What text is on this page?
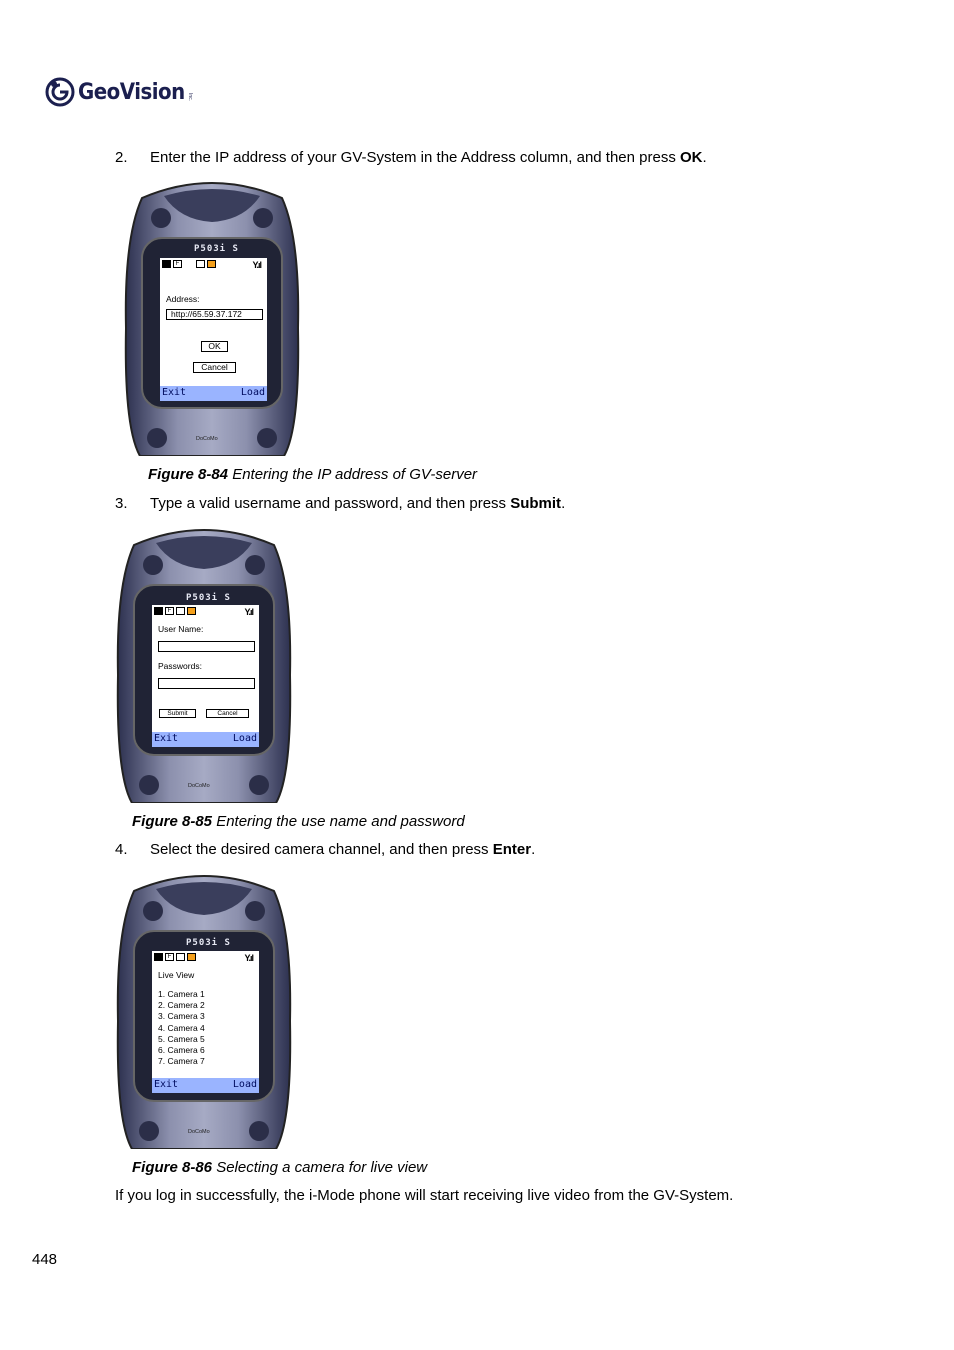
GeoVision Inc.
2. Enter the IP address of your GV-System in the Address column, and then press OK.
P503i S
F	Y.ıl
Address:
http://65.59.37.172
OK
Cancel
Exit	Load
DoCoMo
Figure 8-84 Entering the IP address of GV-server
3. Type a valid username and password, and then press Submit.
P503i S
F	Y.ıl
User Name:
Passwords:
Submit	Cancel
Exit	Load
DoCoMo
Figure 8-85 Entering the use name and password
4. Select the desired camera channel, and then press Enter.
P503i S
F	Y.ıl
Live View
1. Camera 1
2. Camera 2
3. Camera 3
4. Camera 4
5. Camera 5
6. Camera 6
7. Camera 7
Exit	Load
DoCoMo
Figure 8-86 Selecting a camera for live view
If you log in successfully, the i-Mode phone will start receiving live video from the GV-System.
448
